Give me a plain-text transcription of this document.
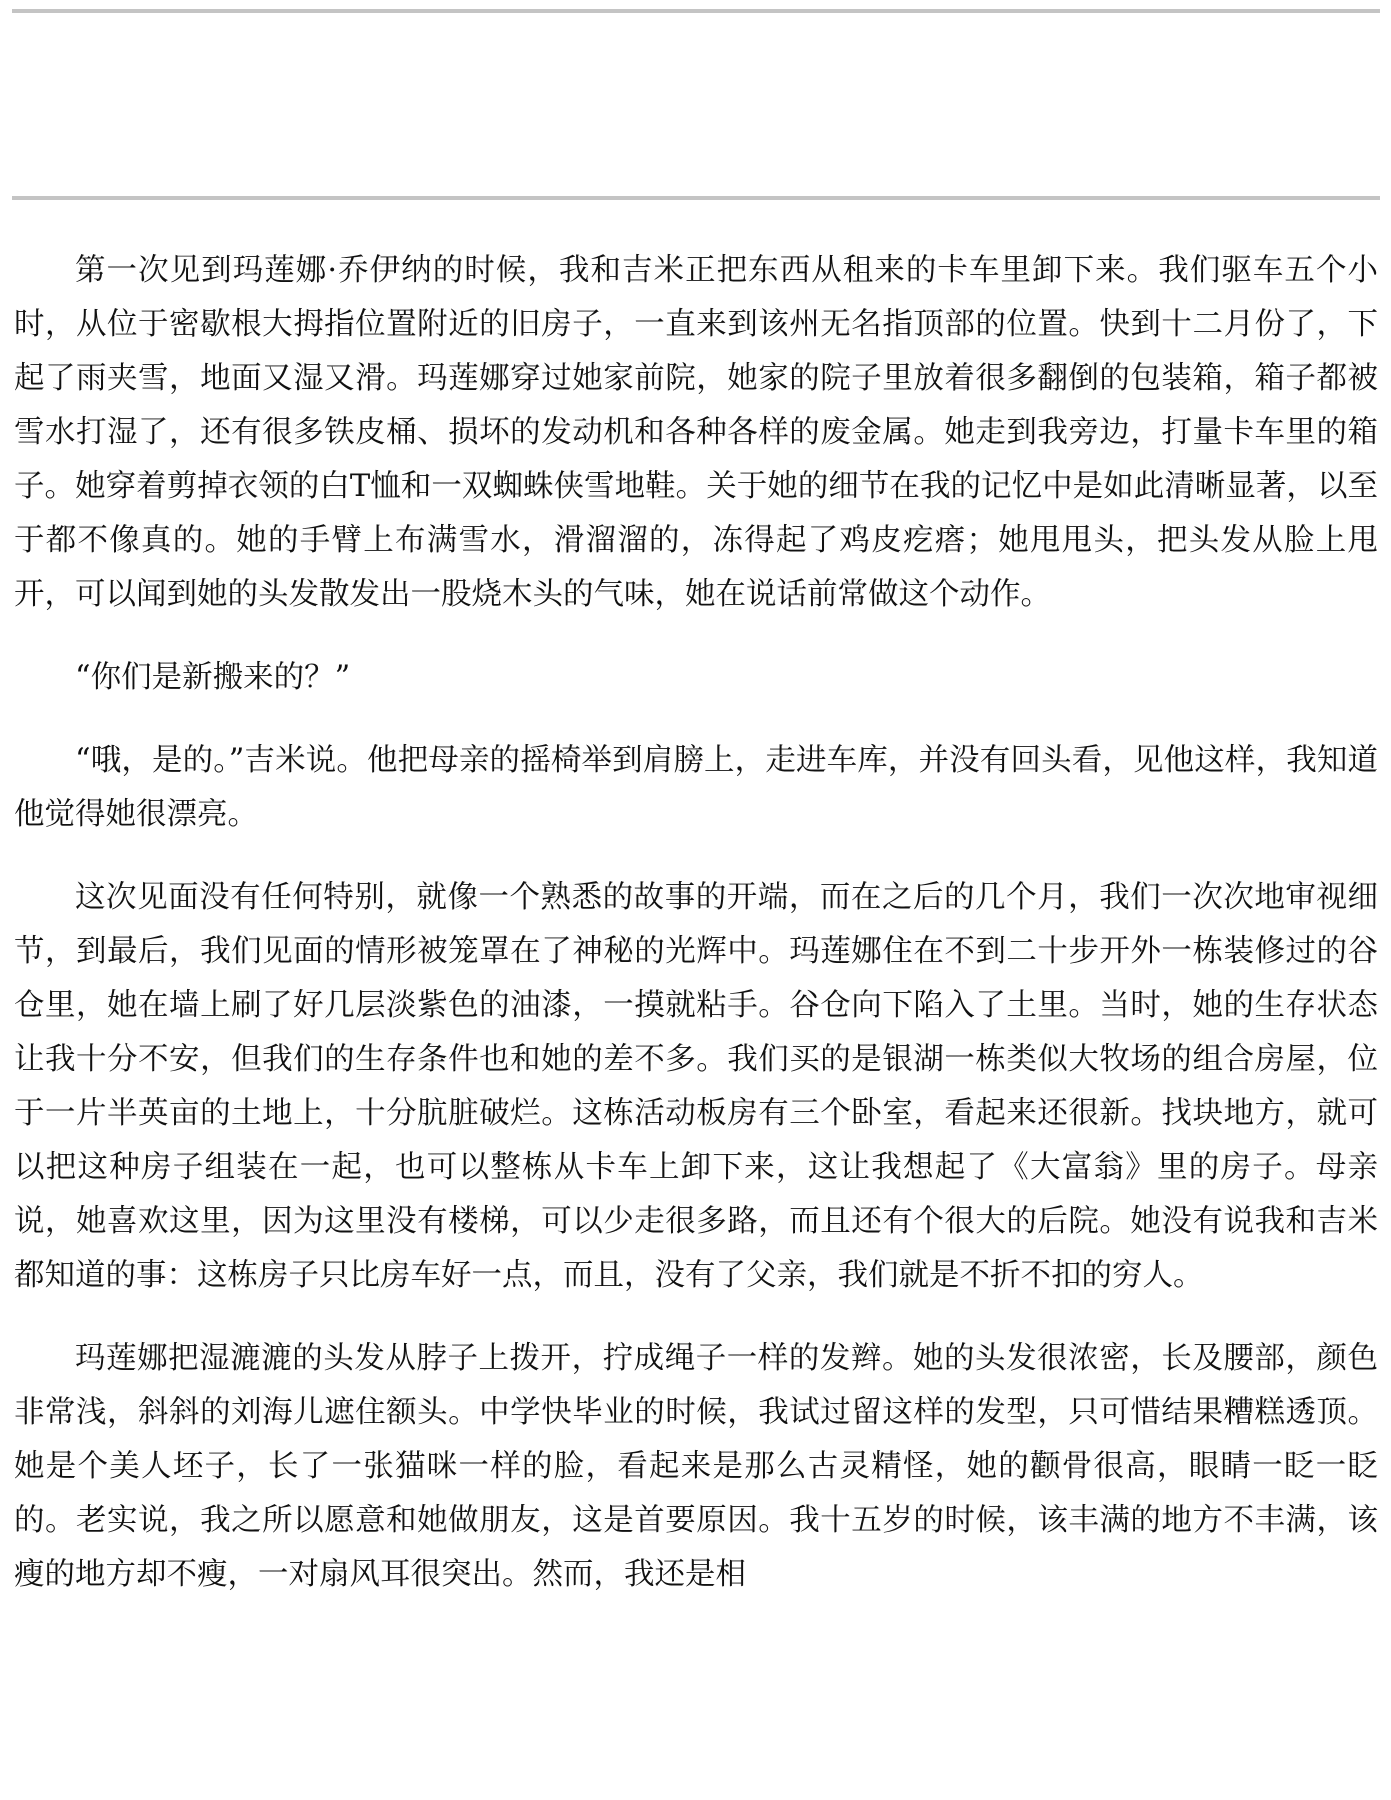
第一次见到玛莲娜·乔伊纳的时候，我和吉米正把东西从租来的卡车里卸下来。我们驱车五个小时，从位于密歇根大拇指位置附近的旧房子，一直来到该州无名指顶部的位置。快到十二月份了，下起了雨夹雪，地面又湿又滑。玛莲娜穿过她家前院，她家的院子里放着很多翻倒的包装箱，箱子都被雪水打湿了，还有很多铁皮桶、损坏的发动机和各种各样的废金属。她走到我旁边，打量卡车里的箱子。她穿着剪掉衣领的白T恤和一双蜘蛛侠雪地鞋。关于她的细节在我的记忆中是如此清晰显著，以至于都不像真的。她的手臂上布满雪水，滑溜溜的，冻得起了鸡皮疙瘩；她甩甩头，把头发从脸上甩开，可以闻到她的头发散发出一股烧木头的气味，她在说话前常做这个动作。

“你们是新搬来的？”

“哦，是的。”吉米说。他把母亲的摇椅举到肩膀上，走进车库，并没有回头看，见他这样，我知道他觉得她很漂亮。

这次见面没有任何特别，就像一个熟悉的故事的开端，而在之后的几个月，我们一次次地审视细节，到最后，我们见面的情形被笼罩在了神秘的光辉中。玛莲娜住在不到二十步开外一栋装修过的谷仓里，她在墙上刷了好几层淡紫色的油漆，一摸就粘手。谷仓向下陷入了土里。当时，她的生存状态让我十分不安，但我们的生存条件也和她的差不多。我们买的是银湖一栋类似大牧场的组合房屋，位于一片半英亩的土地上，十分肮脏破烂。这栋活动板房有三个卧室，看起来还很新。找块地方，就可以把这种房子组装在一起，也可以整栋从卡车上卸下来，这让我想起了《大富翁》里的房子。母亲说，她喜欢这里，因为这里没有楼梯，可以少走很多路，而且还有个很大的后院。她没有说我和吉米都知道的事：这栋房子只比房车好一点，而且，没有了父亲，我们就是不折不扣的穷人。

玛莲娜把湿漉漉的头发从脖子上拨开，拧成绳子一样的发辫。她的头发很浓密，长及腰部，颜色非常浅，斜斜的刘海儿遮住额头。中学快毕业的时候，我试过留这样的发型，只可惜结果糟糕透顶。她是个美人坯子，长了一张猫咪一样的脸，看起来是那么古灵精怪，她的颧骨很高，眼睛一眨一眨的。老实说，我之所以愿意和她做朋友，这是首要原因。我十五岁的时候，该丰满的地方不丰满，该瘦的地方却不瘦，一对扇风耳很突出。然而，我还是相
